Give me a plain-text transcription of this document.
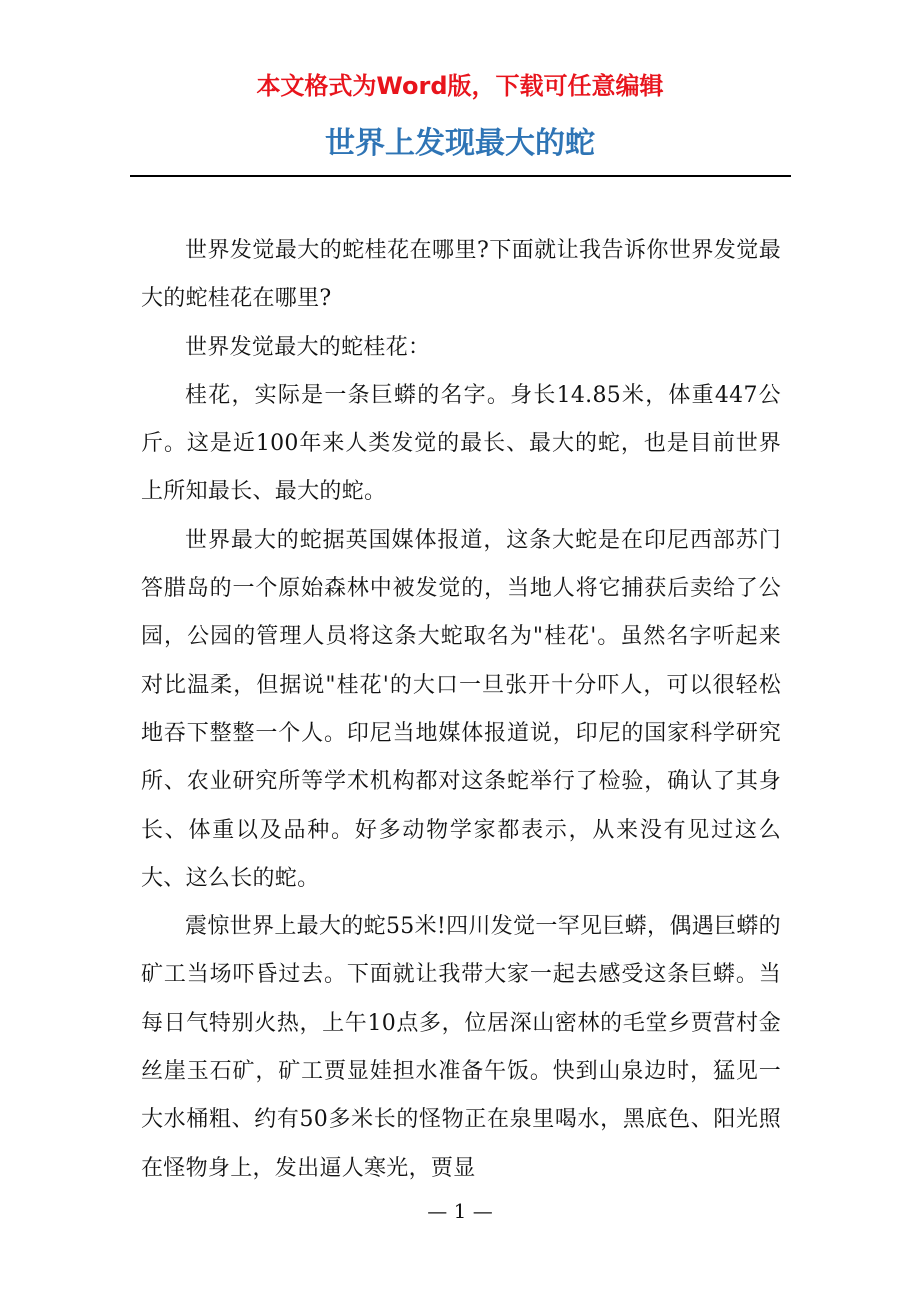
本文格式为Word版，下载可任意编辑
世界上发现最大的蛇

世界发觉最大的蛇桂花在哪里?下面就让我告诉你世界发觉最大的蛇桂花在哪里?

世界发觉最大的蛇桂花：

桂花，实际是一条巨蟒的名字。身长14.85米，体重447公斤。这是近100年来人类发觉的最长、最大的蛇，也是目前世界上所知最长、最大的蛇。

世界最大的蛇据英国媒体报道，这条大蛇是在印尼西部苏门答腊岛的一个原始森林中被发觉的，当地人将它捕获后卖给了公园，公园的管理人员将这条大蛇取名为"桂花'。虽然名字听起来对比温柔，但据说"桂花'的大口一旦张开十分吓人，可以很轻松地吞下整整一个人。印尼当地媒体报道说，印尼的国家科学研究所、农业研究所等学术机构都对这条蛇举行了检验，确认了其身长、体重以及品种。好多动物学家都表示，从来没有见过这么大、这么长的蛇。

震惊世界上最大的蛇55米!四川发觉一罕见巨蟒，偶遇巨蟒的矿工当场吓昏过去。下面就让我带大家一起去感受这条巨蟒。当每日气特别火热，上午10点多，位居深山密林的毛堂乡贾营村金丝崖玉石矿，矿工贾显娃担水准备午饭。快到山泉边时，猛见一大水桶粗、约有50多米长的怪物正在泉里喝水，黑底色、阳光照在怪物身上，发出逼人寒光，贾显

— 1 —
